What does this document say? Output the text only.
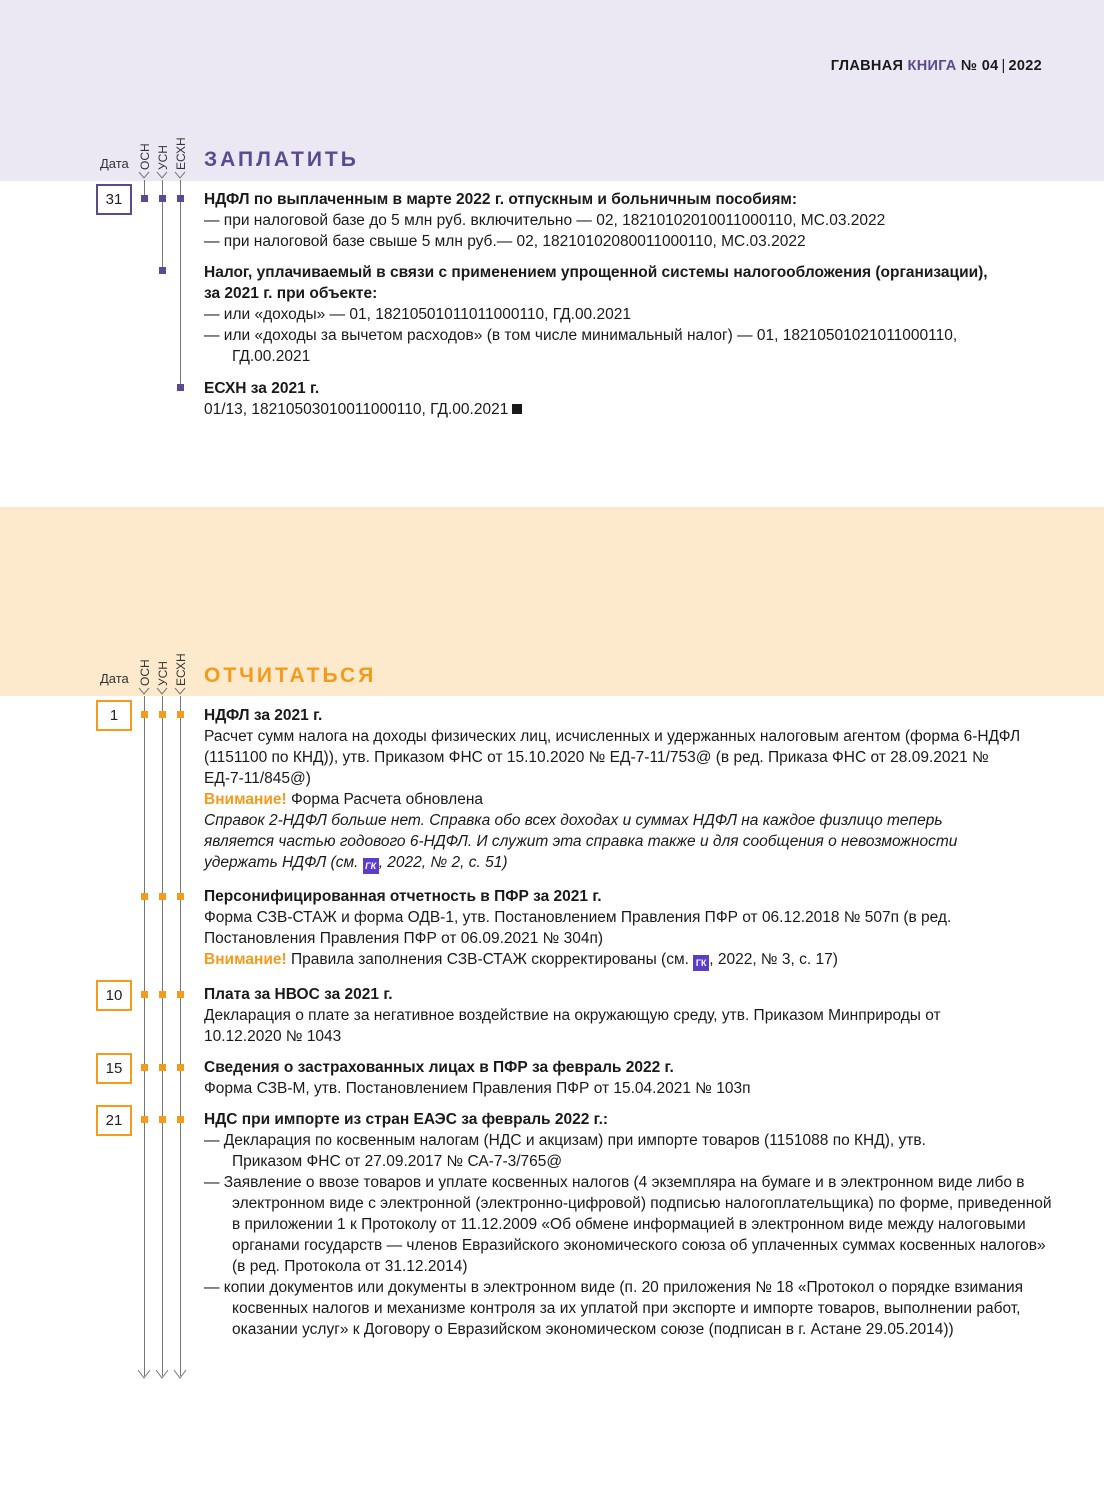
ГЛАВНАЯ КНИГА № 04 | 2022
Дата ОСН УСН ЕСХН ЗАПЛАТИТЬ
31	НДФЛ по выплаченным в марте 2022 г. отпускным и больничным пособиям:
— при налоговой базе до 5 млн руб. включительно — 02, 18210102010011000110, МС.03.2022
— при налоговой базе свыше 5 млн руб.— 02, 18210102080011000110, МС.03.2022
Налог, уплачиваемый в связи с применением упрощенной системы налогообложения (организации),
за 2021 г. при объекте:
— или «доходы» — 01, 18210501011011000110, ГД.00.2021
— или «доходы за вычетом расходов» (в том числе минимальный налог) — 01, 18210501021011000110, ГД.00.2021
ЕСХН за 2021 г.
01/13, 18210503010011000110, ГД.00.2021
Дата ОСН УСН ЕСХН ОТЧИТАТЬСЯ
1
10
15
21
НДФЛ за 2021 г.
Расчет сумм налога на доходы физических лиц, исчисленных и удержанных налоговым агентом (форма 6-НДФЛ (1151100 по КНД)), утв. Приказом ФНС от 15.10.2020 № ЕД-7-11/753@ (в ред. Приказа ФНС от 28.09.2021 № ЕД-7-11/845@)
Внимание! Форма Расчета обновлена
Справок 2-НДФЛ больше нет. Справка обо всех доходах и суммах НДФЛ на каждое физлицо теперь является частью годового 6-НДФЛ. И служит эта справка также и для сообщения о невозможности удержать НДФЛ (см. ГК , 2022, № 2, с. 51)
Персонифицированная отчетность в ПФР за 2021 г.
Форма СЗВ-СТАЖ и форма ОДВ-1, утв. Постановлением Правления ПФР от 06.12.2018 № 507п (в ред. Постановления Правления ПФР от 06.09.2021 № 304п)
Внимание! Правила заполнения СЗВ-СТАЖ скорректированы (см. ГК , 2022, № 3, с. 17)
Плата за НВОС за 2021 г.
Декларация о плате за негативное воздействие на окружающую среду, утв. Приказом Минприроды от 10.12.2020 № 1043
Сведения о застрахованных лицах в ПФР за февраль 2022 г.
Форма СЗВ-М, утв. Постановлением Правления ПФР от 15.04.2021 № 103п
НДС при импорте из стран ЕАЭС за февраль 2022 г.:
— Декларация по косвенным налогам (НДС и акцизам) при импорте товаров (1151088 по КНД), утв. Приказом ФНС от 27.09.2017 № СА-7-3/765@
— Заявление о ввозе товаров и уплате косвенных налогов (4 экземпляра на бумаге и в электронном виде либо в электронном виде с электронной (электронно-цифровой) подписью налогоплательщика) по форме, приведенной в приложении 1 к Протоколу от 11.12.2009 «Об обмене информацией в электронном виде между налоговыми органами государств — членов Евразийского экономического союза об уплаченных суммах косвенных налогов» (в ред. Протокола от 31.12.2014)
— копии документов или документы в электронном виде (п. 20 приложения № 18 «Протокол о порядке взимания косвенных налогов и механизме контроля за их уплатой при экспорте и импорте товаров, выполнении работ, оказании услуг» к Договору о Евразийском экономическом союзе (подписан в г. Астане 29.05.2014))
